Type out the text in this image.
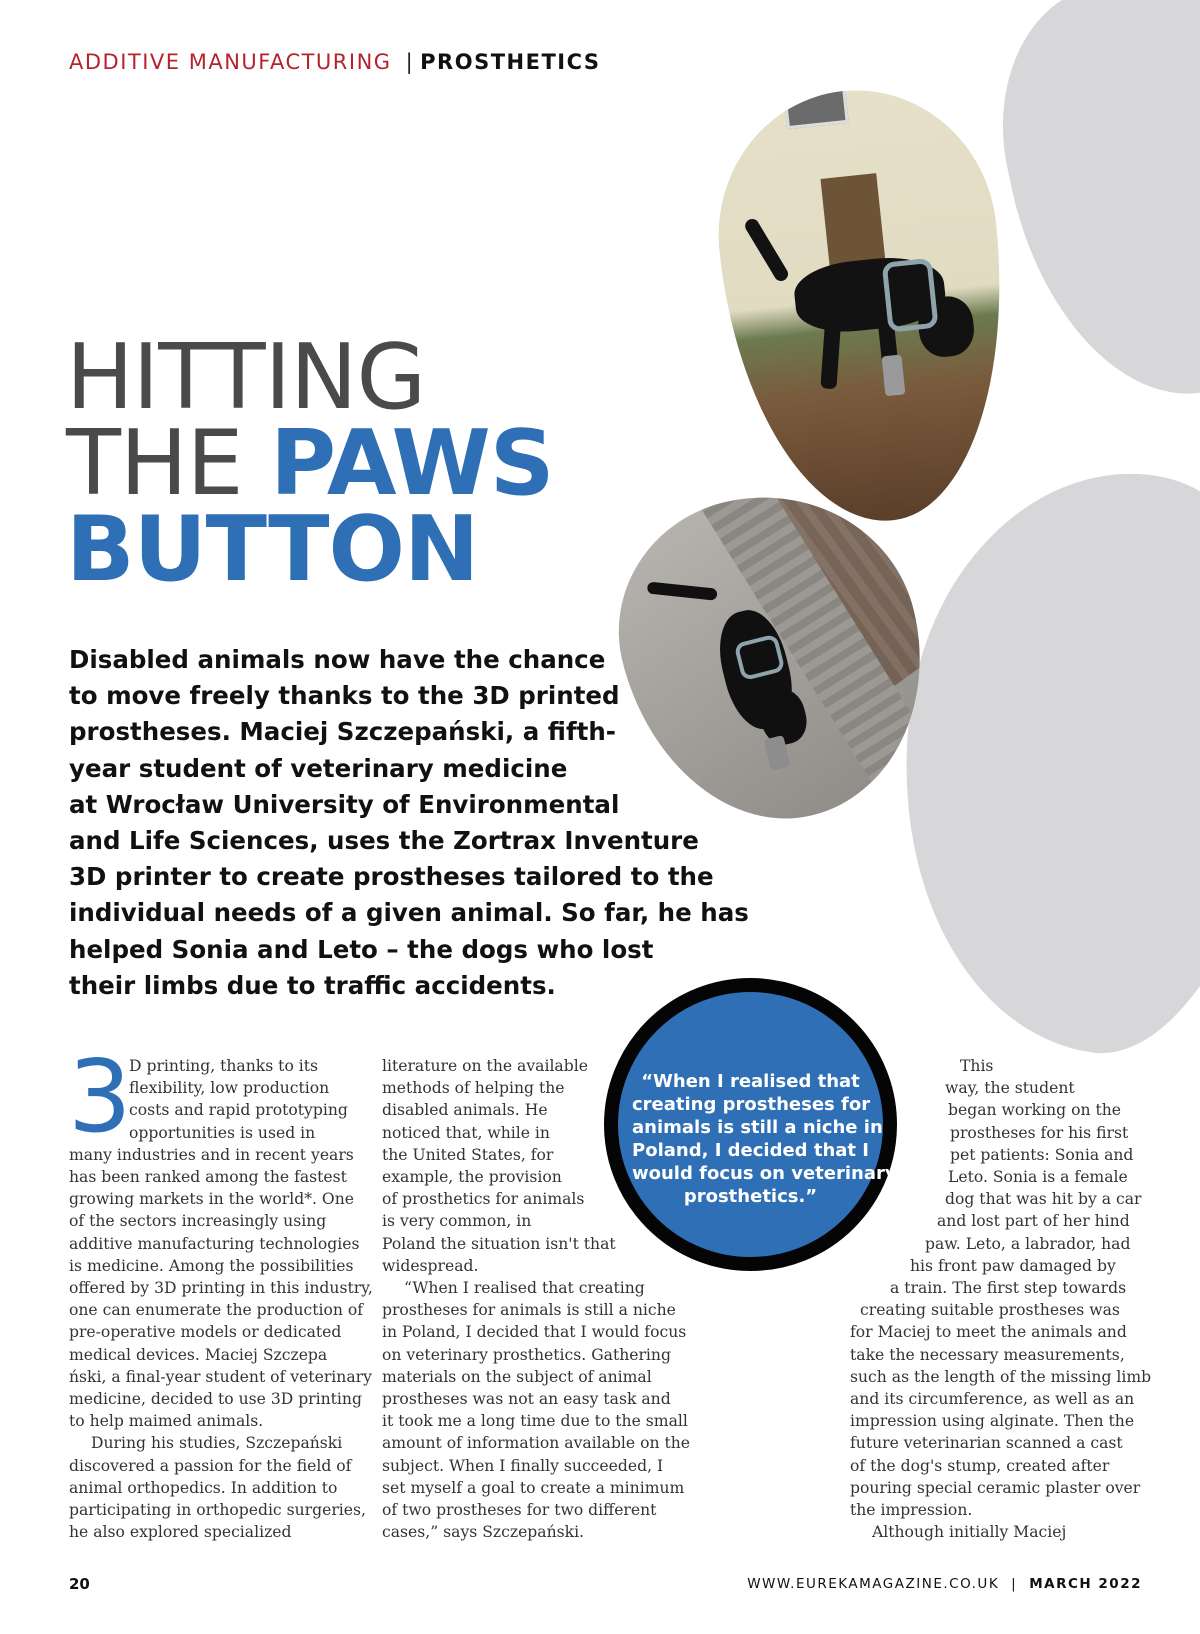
ADDITIVE MANUFACTURING | PROSTHETICS
HITTING
THE PAWS
BUTTON
Disabled animals now have the chance
to move freely thanks to the 3D printed
prostheses. Maciej Szczepański, a fifth-
year student of veterinary medicine
at Wrocław University of Environmental
and Life Sciences, uses the Zortrax Inventure
3D printer to create prostheses tailored to the
individual needs of a given animal. So far, he has
helped Sonia and Leto – the dogs who lost
their limbs due to traffic accidents.
3
D printing, thanks to its
flexibility, low production
costs and rapid prototyping
opportunities is used in
many industries and in recent years
has been ranked among the fastest
growing markets in the world*. One
of the sectors increasingly using
additive manufacturing technologies
is medicine. Among the possibilities
offered by 3D printing in this industry,
one can enumerate the production of
pre-operative models or dedicated
medical devices. Maciej Szczepa
ński, a final-year student of veterinary
medicine, decided to use 3D printing
to help maimed animals.
During his studies, Szczepański
discovered a passion for the field of
animal orthopedics. In addition to
participating in orthopedic surgeries,
he also explored specialized
literature on the available
methods of helping the
disabled animals. He
noticed that, while in
the United States, for
example, the provision
of prosthetics for animals
is very common, in
Poland the situation isn't that
widespread.
“When I realised that creating
prostheses for animals is still a niche
in Poland, I decided that I would focus
on veterinary prosthetics. Gathering
materials on the subject of animal
prostheses was not an easy task and
it took me a long time due to the small
amount of information available on the
subject. When I finally succeeded, I
set myself a goal to create a minimum
of two prostheses for two different
cases,” says Szczepański.
“When I realised that
creating prostheses for
animals is still a niche in
Poland, I decided that I
would focus on veterinary
prosthetics.”
This
way, the student
began working on the
prostheses for his first
pet patients: Sonia and
Leto. Sonia is a female
dog that was hit by a car
and lost part of her hind
paw. Leto, a labrador, had
his front paw damaged by
a train. The first step towards
creating suitable prostheses was
for Maciej to meet the animals and
take the necessary measurements,
such as the length of the missing limb
and its circumference, as well as an
impression using alginate. Then the
future veterinarian scanned a cast
of the dog's stump, created after
pouring special ceramic plaster over
the impression.
Although initially Maciej
20	WWW.EUREKAMAGAZINE.CO.UK | MARCH 2022
